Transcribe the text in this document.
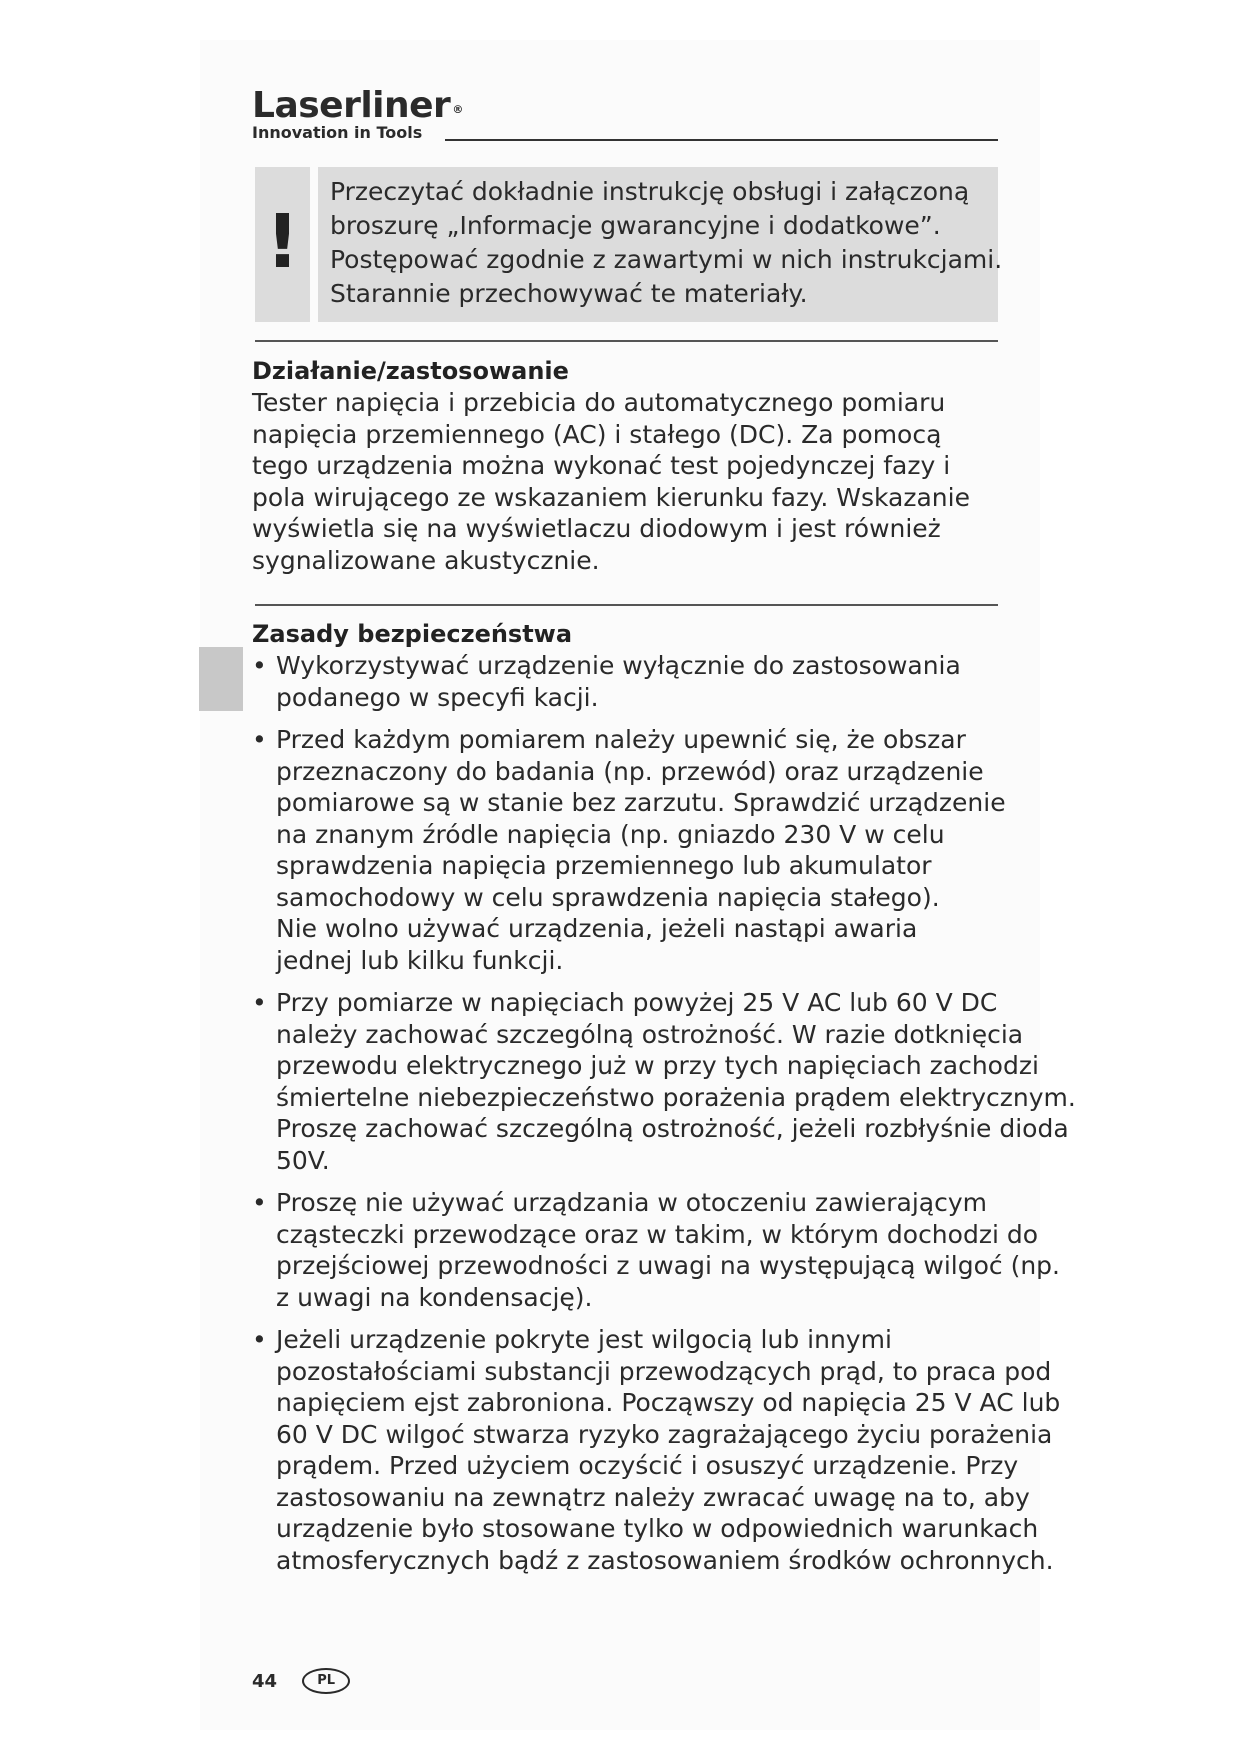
Laserliner ®
Innovation in Tools
!
Przeczytać dokładnie instrukcję obsługi i załączoną
broszurę „Informacje gwarancyjne i dodatkowe”.
Postępować zgodnie z zawartymi w nich instrukcjami.
Starannie przechowywać te materiały.
Działanie/zastosowanie
Tester napięcia i przebicia do automatycznego pomiaru
napięcia przemiennego (AC) i stałego (DC). Za pomocą
tego urządzenia można wykonać test pojedynczej fazy i
pola wirującego ze wskazaniem kierunku fazy. Wskazanie
wyświetla się na wyświetlaczu diodowym i jest również
sygnalizowane akustycznie.
Zasady bezpieczeństwa
• Wykorzystywać urządzenie wyłącznie do zastosowania
podanego w specyfi kacji.
• Przed każdym pomiarem należy upewnić się, że obszar
przeznaczony do badania (np. przewód) oraz urządzenie
pomiarowe są w stanie bez zarzutu. Sprawdzić urządzenie
na znanym źródle napięcia (np. gniazdo 230 V w celu
sprawdzenia napięcia przemiennego lub akumulator
samochodowy w celu sprawdzenia napięcia stałego).
Nie wolno używać urządzenia, jeżeli nastąpi awaria
jednej lub kilku funkcji.
• Przy pomiarze w napięciach powyżej 25 V AC lub 60 V DC
należy zachować szczególną ostrożność. W razie dotknięcia
przewodu elektrycznego już w przy tych napięciach zachodzi
śmiertelne niebezpieczeństwo porażenia prądem elektrycznym.
Proszę zachować szczególną ostrożność, jeżeli rozbłyśnie dioda
50V.
• Proszę nie używać urządzania w otoczeniu zawierającym
cząsteczki przewodzące oraz w takim, w którym dochodzi do
przejściowej przewodności z uwagi na występującą wilgoć (np.
z uwagi na kondensację).
• Jeżeli urządzenie pokryte jest wilgocią lub innymi
pozostałościami substancji przewodzących prąd, to praca pod
napięciem ejst zabroniona. Począwszy od napięcia 25 V AC lub
60 V DC wilgoć stwarza ryzyko zagrażającego życiu porażenia
prądem. Przed użyciem oczyścić i osuszyć urządzenie. Przy
zastosowaniu na zewnątrz należy zwracać uwagę na to, aby
urządzenie było stosowane tylko w odpowiednich warunkach
atmosferycznych bądź z zastosowaniem środków ochronnych.
44	PL
